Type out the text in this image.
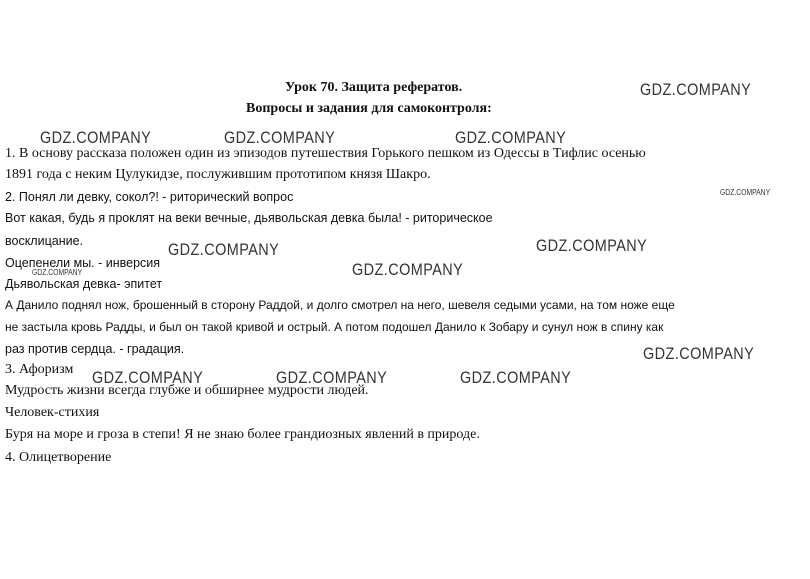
Урок 70. Защита рефератов.
Вопросы и задания для самоконтроля:
1. В основу рассказа положен один из эпизодов путешествия Горького пешком из Одессы в Тифлис осенью
1891 года с неким Цулукидзе, послужившим прототипом князя Шакро.
2. Понял ли девку, сокол?! - риторический вопрос
Вот какая, будь я проклят на веки вечные, дьявольская девка была! - риторическое
восклицание.
Оцепенели мы. - инверсия
Дьявольская девка- эпитет
А Данило поднял нож, брошенный в сторону Раддой, и долго смотрел на него, шевеля седыми усами, на том ноже еще
не застыла кровь Радды, и был он такой кривой и острый. А потом подошел Данило к Зобару и сунул нож в спину как
раз против сердца. - градация.
3. Афоризм
Мудрость жизни всегда глубже и обширнее мудрости людей.
Человек-стихия
Буря на море и гроза в степи! Я не знаю более грандиозных явлений в природе.
4. Олицетворение
GDZ.COMPANY
GDZ.COMPANY	GDZ.COMPANY	GDZ.COMPANY
GDZ.COMPANY
GDZ.COMPANY	GDZ.COMPANY
GDZ.COMPANY
GDZ.COMPANY
GDZ.COMPANY
GDZ.COMPANY	GDZ.COMPANY	GDZ.COMPANY
